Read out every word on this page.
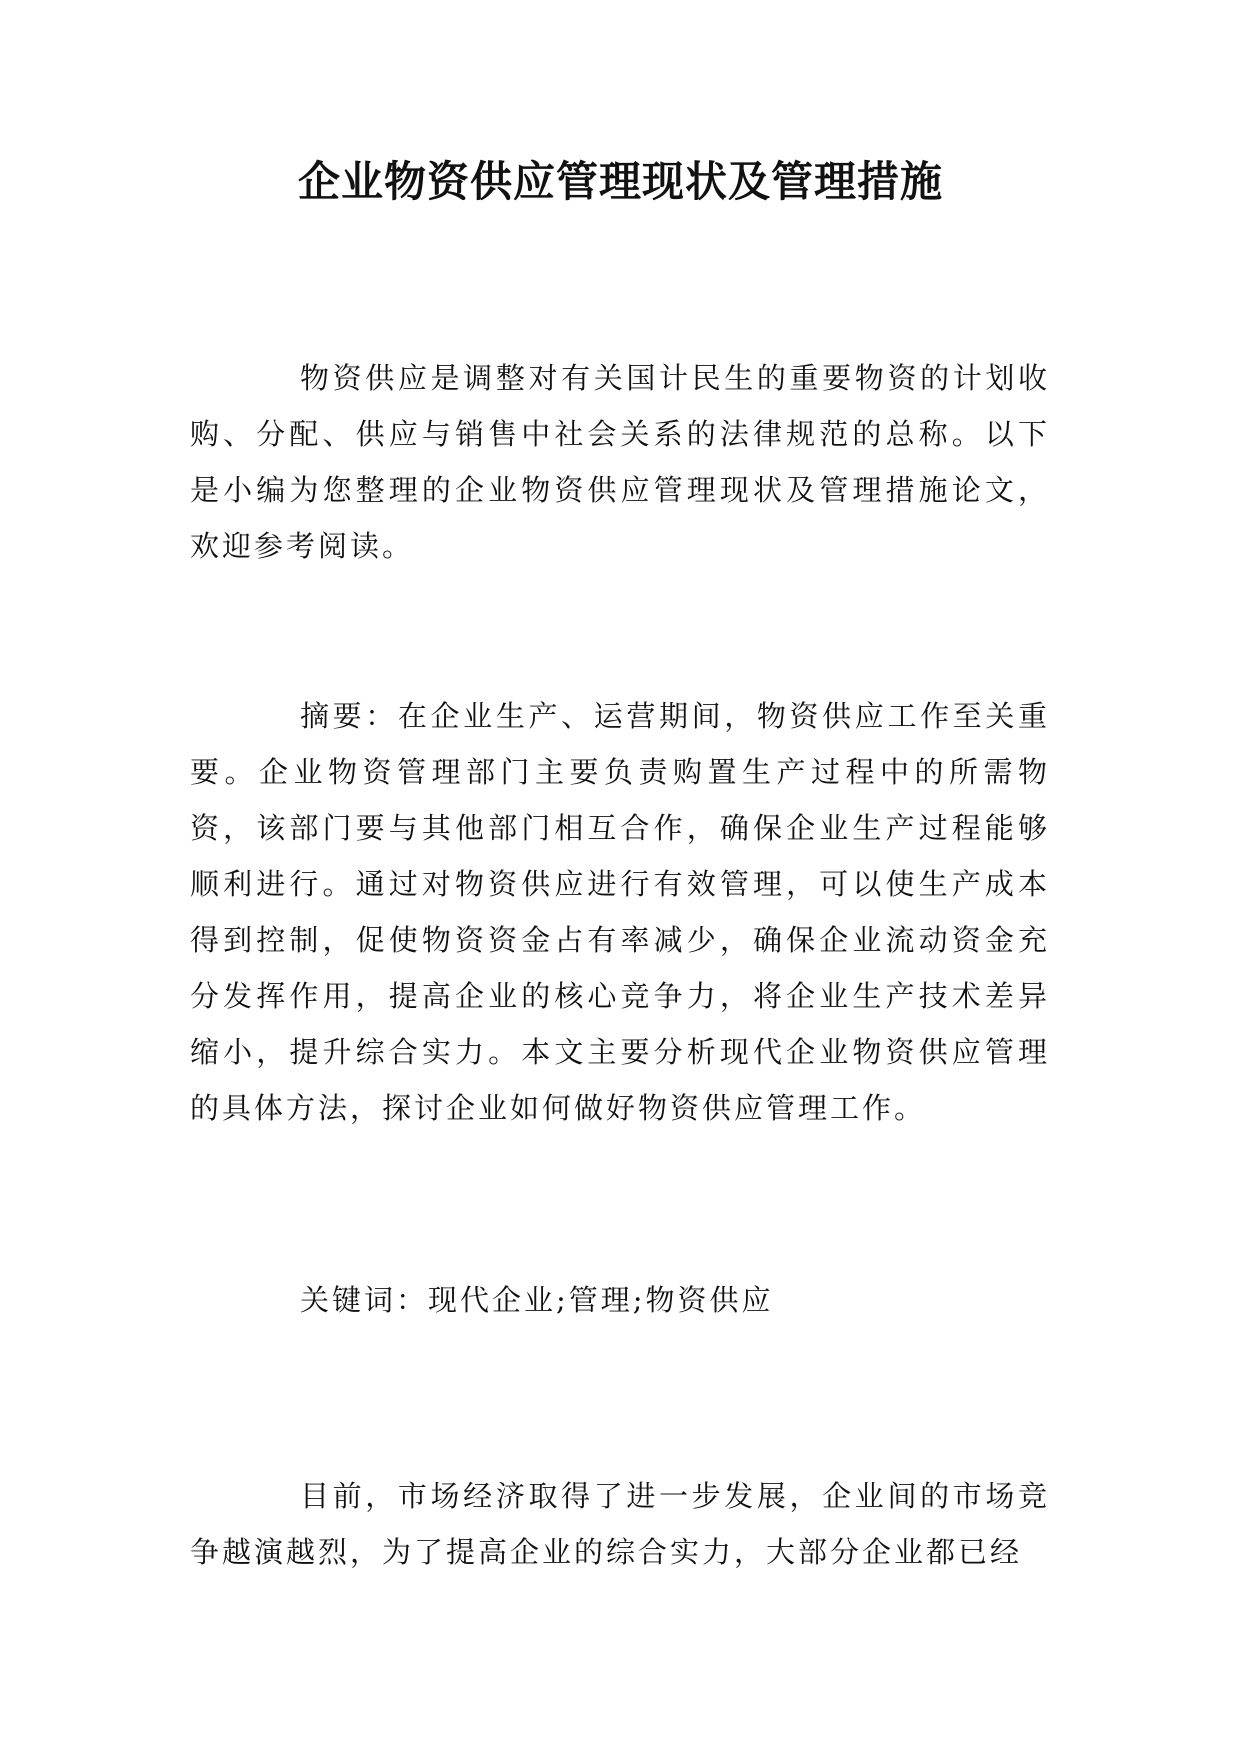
企业物资供应管理现状及管理措施

物资供应是调整对有关国计民生的重要物资的计划收购、分配、供应与销售中社会关系的法律规范的总称。以下是小编为您整理的企业物资供应管理现状及管理措施论文，欢迎参考阅读。

摘要：在企业生产、运营期间，物资供应工作至关重要。企业物资管理部门主要负责购置生产过程中的所需物资，该部门要与其他部门相互合作，确保企业生产过程能够顺利进行。通过对物资供应进行有效管理，可以使生产成本得到控制，促使物资资金占有率减少，确保企业流动资金充分发挥作用，提高企业的核心竞争力，将企业生产技术差异缩小，提升综合实力。本文主要分析现代企业物资供应管理的具体方法，探讨企业如何做好物资供应管理工作。

关键词：现代企业;管理;物资供应

目前，市场经济取得了进一步发展，企业间的市场竞争越演越烈，为了提高企业的综合实力，大部分企业都已经
